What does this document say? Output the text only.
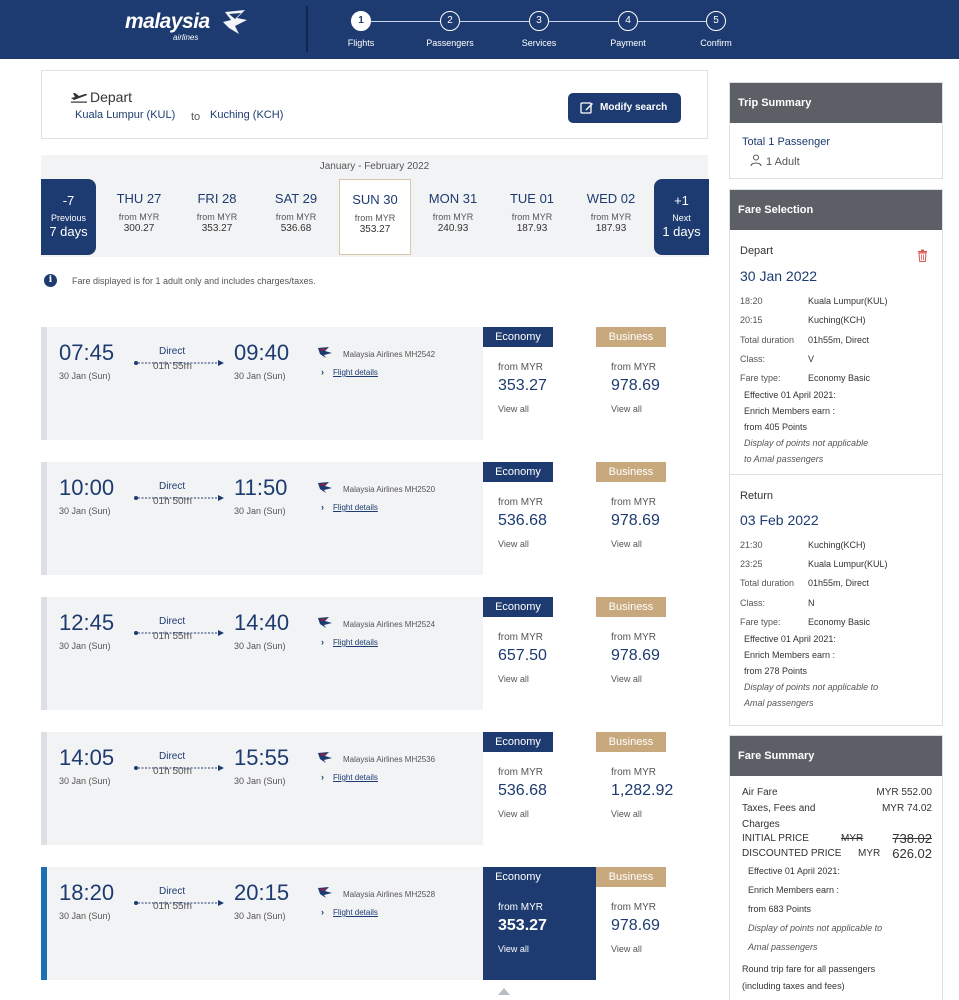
malaysia
airlines
1
Flights
2
Passengers
3
Services
4
Payment
5
Confirm
Depart
Kuala Lumpur (KUL) to Kuching (KCH)
Modify search
January - February 2022
-7
Previous
7 days
THU 27
from MYR
300.27
FRI 28
from MYR
353.27
SAT 29
from MYR
536.68
SUN 30
from MYR
353.27
MON 31
from MYR
240.93
TUE 01
from MYR
187.93
WED 02
from MYR
187.93
+1
Next
1 days
i	Fare displayed is for 1 adult only and includes charges/taxes.
07:45
30 Jan (Sun)
Direct
01h 55m
09:40
30 Jan (Sun)
Malaysia Airlines MH2542
› Flight details
Economy
from MYR
353.27
View all
Business
from MYR
978.69
View all
10:00
30 Jan (Sun)
Direct
01h 50m
11:50
30 Jan (Sun)
Malaysia Airlines MH2520
› Flight details
Economy
from MYR
536.68
View all
Business
from MYR
978.69
View all
12:45
30 Jan (Sun)
Direct
01h 55m
14:40
30 Jan (Sun)
Malaysia Airlines MH2524
› Flight details
Economy
from MYR
657.50
View all
Business
from MYR
978.69
View all
14:05
30 Jan (Sun)
Direct
01h 50m
15:55
30 Jan (Sun)
Malaysia Airlines MH2536
› Flight details
Economy
from MYR
536.68
View all
Business
from MYR
1,282.92
View all
18:20
30 Jan (Sun)
Direct
01h 55m
20:15
30 Jan (Sun)
Malaysia Airlines MH2528
› Flight details
Economy
from MYR
353.27
View all
Business
from MYR
978.69
View all
Trip Summary
Total 1 Passenger
1 Adult
Fare Selection
Depart
30 Jan 2022
18:20	Kuala Lumpur(KUL)
20:15	Kuching(KCH)
Total duration 01h55m, Direct
Class:	V
Fare type:	Economy Basic
Effective 01 April 2021:
Enrich Members earn :
from 405 Points
Display of points not applicable
to Amal passengers
Return
03 Feb 2022
21:30	Kuching(KCH)
23:25	Kuala Lumpur(KUL)
Total duration 01h55m, Direct
Class:	N
Fare type:	Economy Basic
Effective 01 April 2021:
Enrich Members earn :
from 278 Points
Display of points not applicable to
Amal passengers
Fare Summary
Air Fare	MYR 552.00
Taxes, Fees and	MYR 74.02
Charges
INITIAL PRICE	MYR 738.02
DISCOUNTED PRICE MYR 626.02
Effective 01 April 2021:
Enrich Members earn :
from 683 Points
Display of points not applicable to
Amal passengers
Round trip fare for all passengers
(including taxes and fees)
